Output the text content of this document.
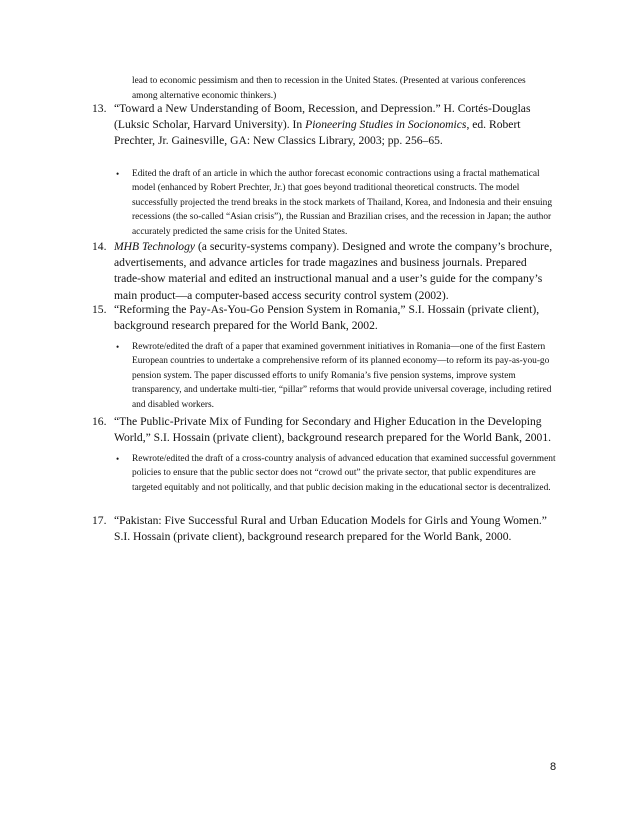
lead to economic pessimism and then to recession in the United States. (Presented at various conferences among alternative economic thinkers.)
13. “Toward a New Understanding of Boom, Recession, and Depression.” H. Cortés-Douglas (Luksic Scholar, Harvard University). In Pioneering Studies in Socionomics, ed. Robert Prechter, Jr. Gainesville, GA: New Classics Library, 2003; pp. 256–65.
• Edited the draft of an article in which the author forecast economic contractions using a fractal mathematical model (enhanced by Robert Prechter, Jr.) that goes beyond traditional theoretical constructs. The model successfully projected the trend breaks in the stock markets of Thailand, Korea, and Indonesia and their ensuing recessions (the so-called “Asian crisis”), the Russian and Brazilian crises, and the recession in Japan; the author accurately predicted the same crisis for the United States.
14. MHB Technology (a security-systems company). Designed and wrote the company’s brochure, advertisements, and advance articles for trade magazines and business journals. Prepared trade-show material and edited an instructional manual and a user’s guide for the company’s main product—a computer-based access security control system (2002).
15. “Reforming the Pay-As-You-Go Pension System in Romania,” S.I. Hossain (private client), background research prepared for the World Bank, 2002.
• Rewrote/edited the draft of a paper that examined government initiatives in Romania—one of the first Eastern European countries to undertake a comprehensive reform of its planned economy—to reform its pay-as-you-go pension system. The paper discussed efforts to unify Romania’s five pension systems, improve system transparency, and undertake multi-tier, “pillar” reforms that would provide universal coverage, including retired and disabled workers.
16. “The Public-Private Mix of Funding for Secondary and Higher Education in the Developing World,” S.I. Hossain (private client), background research prepared for the World Bank, 2001.
• Rewrote/edited the draft of a cross-country analysis of advanced education that examined successful government policies to ensure that the public sector does not “crowd out” the private sector, that public expenditures are targeted equitably and not politically, and that public decision making in the educational sector is decentralized.
17. “Pakistan: Five Successful Rural and Urban Education Models for Girls and Young Women.” S.I. Hossain (private client), background research prepared for the World Bank, 2000.
8
